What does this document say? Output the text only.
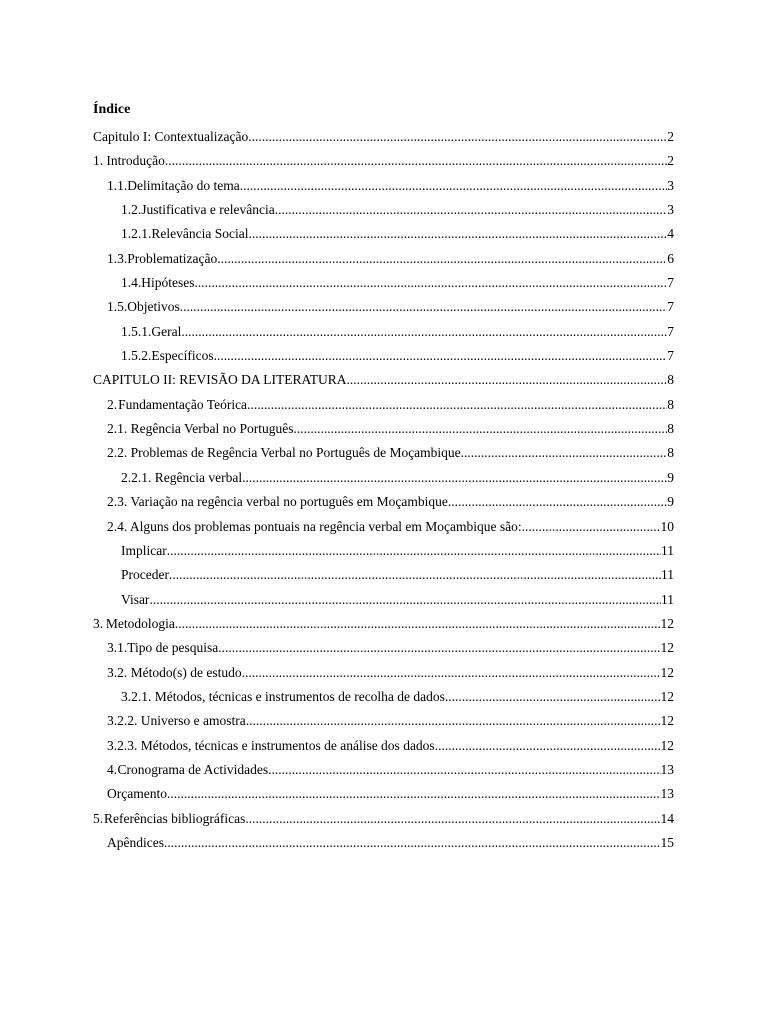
Índice
Capitulo I: Contextualização .....	2
1. Introdução .....	2
1.1. Delimitação do tema .....	3
1.2. Justificativa e relevância .....	3
1.2.1. Relevância Social .....	4
1.3. Problematização .....	6
1.4. Hipóteses .....	7
1.5. Objetivos .....	7
1.5.1. Geral .....	7
1.5.2. Específicos .....	7
CAPITULO II: REVISÃO DA LITERATURA .....	8
2. Fundamentação Teórica .....	8
2.1. Regência Verbal no Português .....	8
2.2. Problemas de Regência Verbal no Português de Moçambique .....	8
2.2.1. Regência verbal .....	9
2.3. Variação na regência verbal no português em Moçambique .....	9
2.4. Alguns dos problemas pontuais na regência verbal em Moçambique são: .....	10
Implicar .....	11
Proceder .....	11
Visar .....	11
3. Metodologia .....	12
3.1. Tipo de pesquisa .....	12
3.2. Método(s) de estudo .....	12
3.2.1. Métodos, técnicas e instrumentos de recolha de dados .....	12
3.2.2. Universo e amostra .....	12
3.2.3. Métodos, técnicas e instrumentos de análise dos dados .....	12
4. Cronograma de Actividades .....	13
Orçamento .....	13
5. Referências bibliográficas .....	14
Apêndices .....	15
